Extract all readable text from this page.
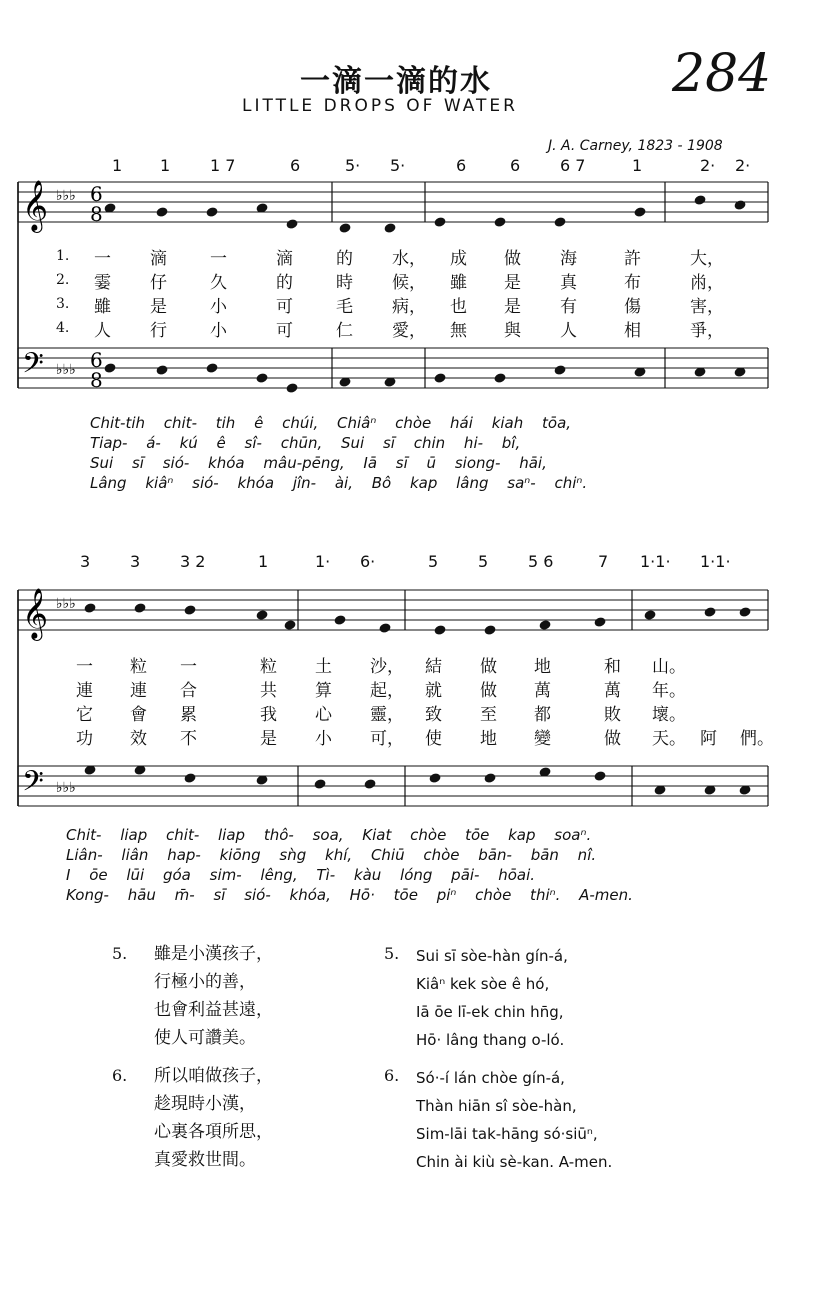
一滴一滴的水
LITTLE DROPS OF WATER
284
J. A. Carney, 1823 - 1908
𝄞
𝄢
♭♭♭
♭♭♭
6
8
6
8
𝄞
𝄢
♭♭♭
♭♭♭
1 1 1 7	6	5· 5·	6	6 6 7	1	2· 2·
一 滴	一	滴	的 水， 成 做 海	許	大，
霎 仔	久	的	時 候， 雖 是 真	布	㡀，
雖 是	小	可	毛 病， 也 是 有	傷	害，
人 行	小	可	仁 愛， 無 與 人	相	爭，
1.
2.
3.
4.
Chit-tih chit- tih ê chúi, Chiâⁿ chòe hái kiah tōa,
Tiap- á- kú ê sî- chūn, Sui sī chin hi- bî,
Sui sī sió- khóa mâu-pēng, Iā sī ū siong- hāi,
Lâng kiâⁿ sió- khóa jîn- ài, Bô kap lâng saⁿ- chiⁿ.
3 3 3 2	1	1· 6·	5 5 5 6	7 1·1· 1·1·
一 粒 一	粒 土 沙， 結 做 地	和 山。
連 連 合	共 算 起， 就 做 萬	萬 年。
它 會 累	我 心 靈， 致 至 都	敗 壞。
功 效 不	是 小 可， 使 地 變	做 天。 阿 們。
Chit- liap chit- liap thô- soa, Kiat chòe tōe kap soaⁿ.
Liân- liân hap- kiōng sǹg khí, Chiū chòe bān- bān nî.
I ōe lūi góa sim- lêng, Tì- kàu lóng pāi- hōai.
Kong- hāu m̄- sī sió- khóa, Hō· tōe piⁿ chòe thiⁿ. A-men.
5.	5.
雖是小漢孩子，
行極小的善，
也會利益甚遠，
使人可讚美。
Sui sī sòe-hàn gín-á,
Kiâⁿ kek sòe ê hó,
Iā ōe lī-ek chin hn̄g,
Hō· lâng thang o-ló.
6.	6.
所以咱做孩子，
趁現時小漢，
心裏各項所思，
真愛救世間。
Só·-í lán chòe gín-á,
Thàn hiān sî sòe-hàn,
Sim-lāi tak-hāng só·siūⁿ,
Chin ài kiù sè-kan. A-men.
